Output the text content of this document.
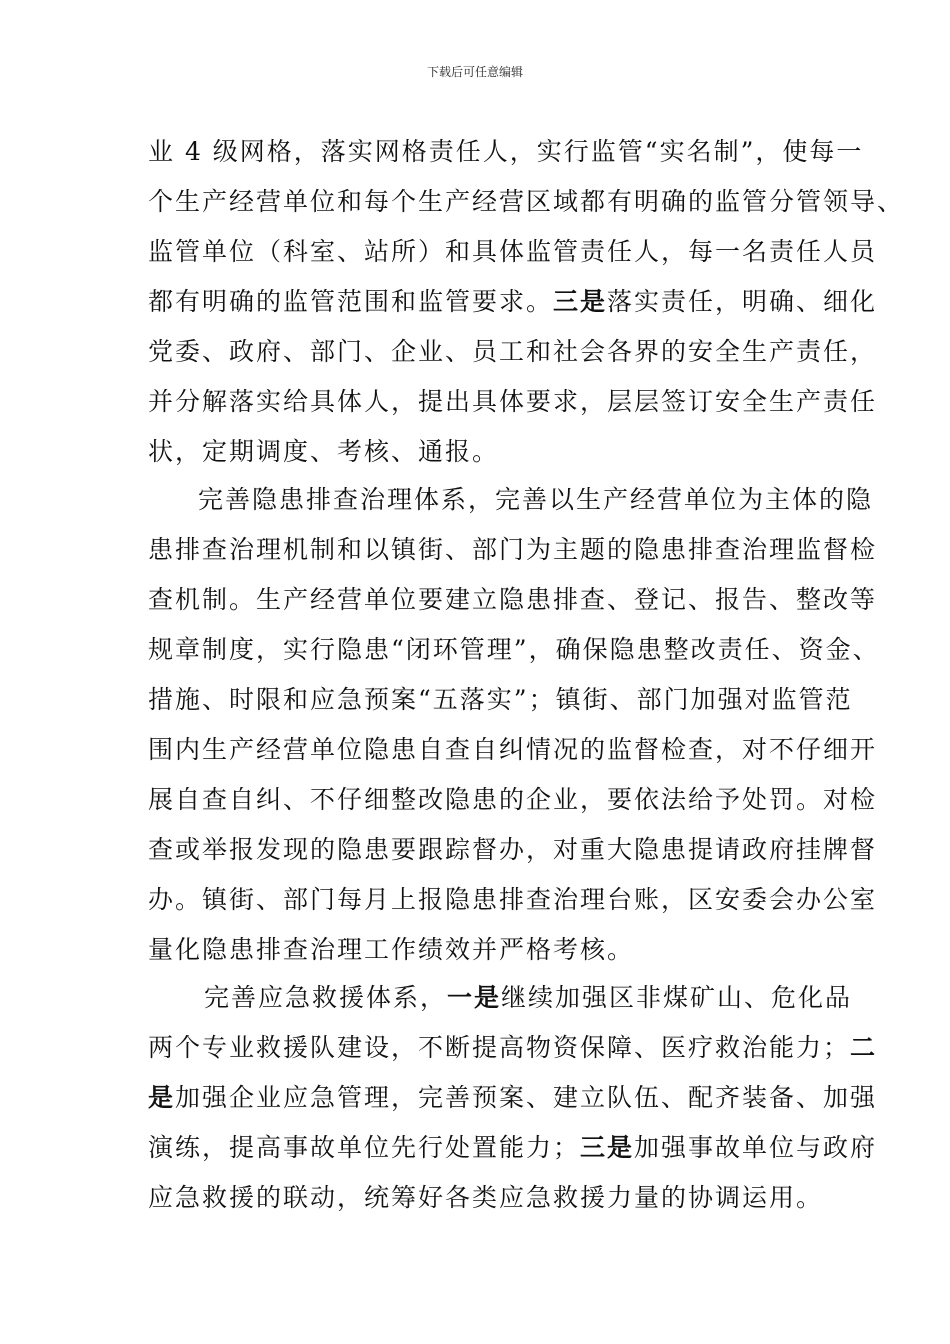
下载后可任意编辑
业 4 级网格，落实网格责任人，实行监管“实名制”，使每一
个生产经营单位和每个生产经营区域都有明确的监管分管领导、
监管单位（科室、站所）和具体监管责任人，每一名责任人员
都有明确的监管范围和监管要求。三是落实责任，明确、细化
党委、政府、部门、企业、员工和社会各界的安全生产责任，
并分解落实给具体人，提出具体要求，层层签订安全生产责任
状，定期调度、考核、通报。
完善隐患排查治理体系，完善以生产经营单位为主体的隐
患排查治理机制和以镇街、部门为主题的隐患排查治理监督检
查机制。生产经营单位要建立隐患排查、登记、报告、整改等
规章制度，实行隐患“闭环管理”，确保隐患整改责任、资金、
措施、时限和应急预案“五落实”；镇街、部门加强对监管范
围内生产经营单位隐患自查自纠情况的监督检查，对不仔细开
展自查自纠、不仔细整改隐患的企业，要依法给予处罚。对检
查或举报发现的隐患要跟踪督办，对重大隐患提请政府挂牌督
办。镇街、部门每月上报隐患排查治理台账，区安委会办公室
量化隐患排查治理工作绩效并严格考核。
完善应急救援体系，一是继续加强区非煤矿山、危化品
两个专业救援队建设，不断提高物资保障、医疗救治能力；二
是加强企业应急管理，完善预案、建立队伍、配齐装备、加强
演练，提高事故单位先行处置能力；三是加强事故单位与政府
应急救援的联动，统筹好各类应急救援力量的协调运用。
